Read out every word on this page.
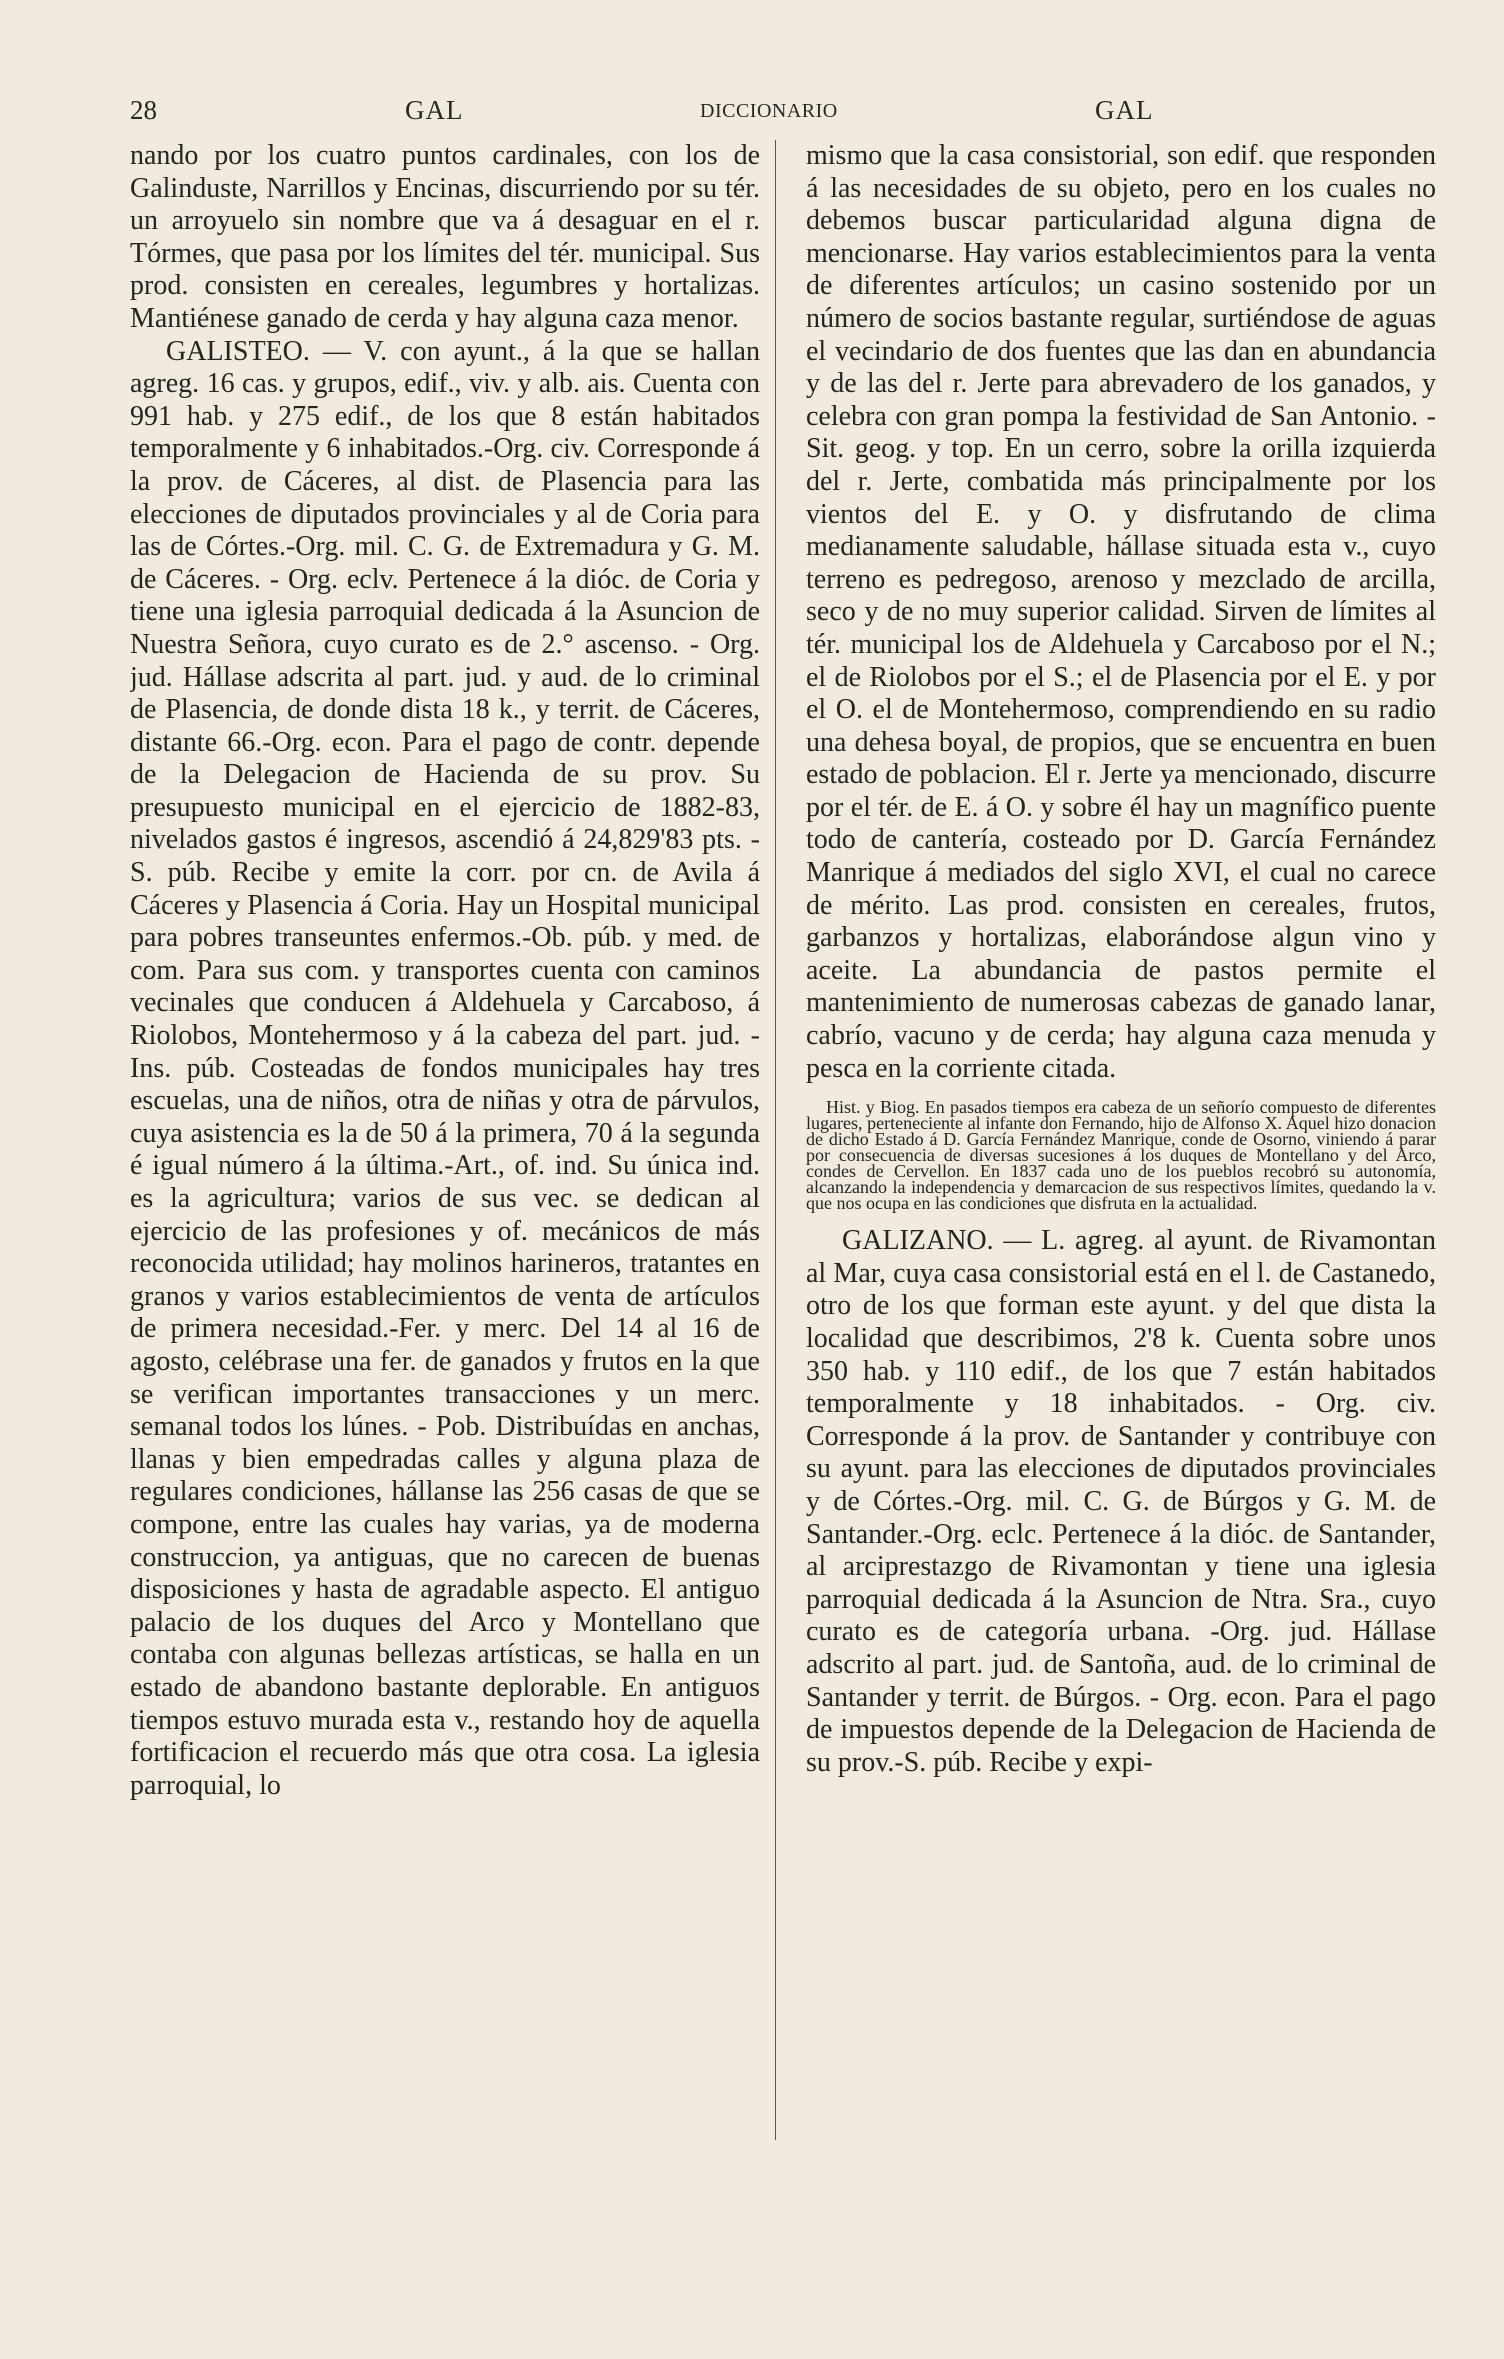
28	GAL	DICCIONARIO	GAL

nando por los cuatro puntos cardinales, con los de Galinduste, Narrillos y Encinas, discurriendo por su tér. un arroyuelo sin nombre que va á desaguar en el r. Tórmes, que pasa por los límites del tér. municipal. Sus prod. consisten en cereales, legumbres y hortalizas. Mantiénese ganado de cerda y hay alguna caza menor.

GALISTEO. — V. con ayunt., á la que se hallan agreg. 16 cas. y grupos, edif., viv. y alb. ais. Cuenta con 991 hab. y 275 edif., de los que 8 están habitados temporalmente y 6 inhabitados.-Org. civ. Corresponde á la prov. de Cáceres, al dist. de Plasencia para las elecciones de diputados provinciales y al de Coria para las de Córtes.-Org. mil. C. G. de Extremadura y G. M. de Cáceres. - Org. eclv. Pertenece á la dióc. de Coria y tiene una iglesia parroquial dedicada á la Asuncion de Nuestra Señora, cuyo curato es de 2.° ascenso. - Org. jud. Hállase adscrita al part. jud. y aud. de lo criminal de Plasencia, de donde dista 18 k., y territ. de Cáceres, distante 66.-Org. econ. Para el pago de contr. depende de la Delegacion de Hacienda de su prov. Su presupuesto municipal en el ejercicio de 1882-83, nivelados gastos é ingresos, ascendió á 24,829'83 pts. - S. púb. Recibe y emite la corr. por cn. de Avila á Cáceres y Plasencia á Coria. Hay un Hospital municipal para pobres transeuntes enfermos.-Ob. púb. y med. de com. Para sus com. y transportes cuenta con caminos vecinales que conducen á Aldehuela y Carcaboso, á Riolobos, Montehermoso y á la cabeza del part. jud. - Ins. púb. Costeadas de fondos municipales hay tres escuelas, una de niños, otra de niñas y otra de párvulos, cuya asistencia es la de 50 á la primera, 70 á la segunda é igual número á la última.-Art., of. ind. Su única ind. es la agricultura; varios de sus vec. se dedican al ejercicio de las profesiones y of. mecánicos de más reconocida utilidad; hay molinos harineros, tratantes en granos y varios establecimientos de venta de artículos de primera necesidad.-Fer. y merc. Del 14 al 16 de agosto, celébrase una fer. de ganados y frutos en la que se verifican importantes transacciones y un merc. semanal todos los lúnes. - Pob. Distribuídas en anchas, llanas y bien empedradas calles y alguna plaza de regulares condiciones, hállanse las 256 casas de que se compone, entre las cuales hay varias, ya de moderna construccion, ya antiguas, que no carecen de buenas disposiciones y hasta de agradable aspecto. El antiguo palacio de los duques del Arco y Montellano que contaba con algunas bellezas artísticas, se halla en un estado de abandono bastante deplorable. En antiguos tiempos estuvo murada esta v., restando hoy de aquella fortificacion el recuerdo más que otra cosa. La iglesia parroquial, lo

mismo que la casa consistorial, son edif. que responden á las necesidades de su objeto, pero en los cuales no debemos buscar particularidad alguna digna de mencionarse. Hay varios establecimientos para la venta de diferentes artículos; un casino sostenido por un número de socios bastante regular, surtiéndose de aguas el vecindario de dos fuentes que las dan en abundancia y de las del r. Jerte para abrevadero de los ganados, y celebra con gran pompa la festividad de San Antonio. - Sit. geog. y top. En un cerro, sobre la orilla izquierda del r. Jerte, combatida más principalmente por los vientos del E. y O. y disfrutando de clima medianamente saludable, hállase situada esta v., cuyo terreno es pedregoso, arenoso y mezclado de arcilla, seco y de no muy superior calidad. Sirven de límites al tér. municipal los de Aldehuela y Carcaboso por el N.; el de Riolobos por el S.; el de Plasencia por el E. y por el O. el de Montehermoso, comprendiendo en su radio una dehesa boyal, de propios, que se encuentra en buen estado de poblacion. El r. Jerte ya mencionado, discurre por el tér. de E. á O. y sobre él hay un magnífico puente todo de cantería, costeado por D. García Fernández Manrique á mediados del siglo XVI, el cual no carece de mérito. Las prod. consisten en cereales, frutos, garbanzos y hortalizas, elaborándose algun vino y aceite. La abundancia de pastos permite el mantenimiento de numerosas cabezas de ganado lanar, cabrío, vacuno y de cerda; hay alguna caza menuda y pesca en la corriente citada.

Hist. y Biog. En pasados tiempos era cabeza de un señorío compuesto de diferentes lugares, perteneciente al infante don Fernando, hijo de Alfonso X. Aquel hizo donacion de dicho Estado á D. García Fernández Manrique, conde de Osorno, viniendo á parar por consecuencia de diversas sucesiones á los duques de Montellano y del Arco, condes de Cervellon. En 1837 cada uno de los pueblos recobró su autonomía, alcanzando la independencia y demarcacion de sus respectivos límites, quedando la v. que nos ocupa en las condiciones que disfruta en la actualidad.

GALIZANO. — L. agreg. al ayunt. de Rivamontan al Mar, cuya casa consistorial está en el l. de Castanedo, otro de los que forman este ayunt. y del que dista la localidad que describimos, 2'8 k. Cuenta sobre unos 350 hab. y 110 edif., de los que 7 están habitados temporalmente y 18 inhabitados. - Org. civ. Corresponde á la prov. de Santander y contribuye con su ayunt. para las elecciones de diputados provinciales y de Córtes.-Org. mil. C. G. de Búrgos y G. M. de Santander.-Org. eclc. Pertenece á la dióc. de Santander, al arciprestazgo de Rivamontan y tiene una iglesia parroquial dedicada á la Asuncion de Ntra. Sra., cuyo curato es de categoría urbana. -Org. jud. Hállase adscrito al part. jud. de Santoña, aud. de lo criminal de Santander y territ. de Búrgos. - Org. econ. Para el pago de impuestos depende de la Delegacion de Hacienda de su prov.-S. púb. Recibe y expi-
